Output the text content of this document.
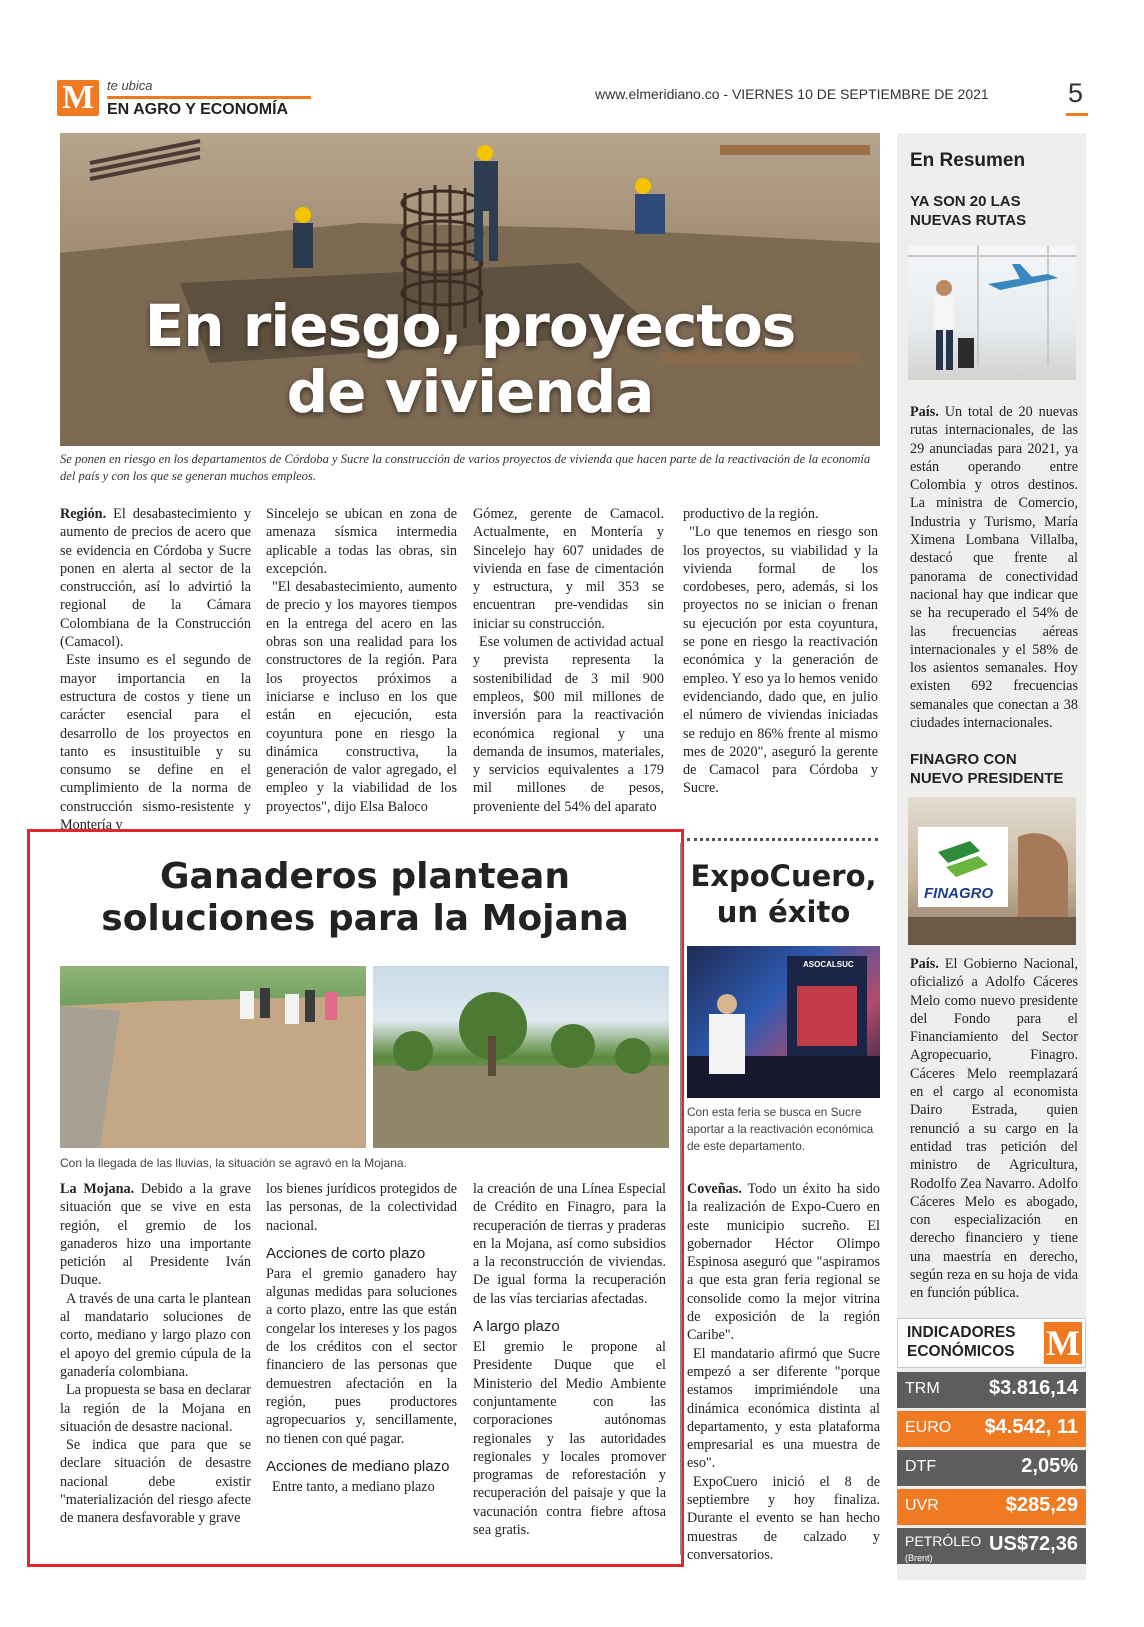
M te ubica
EN AGRO Y ECONOMÍA
www.elmeridiano.co - VIERNES 10 DE SEPTIEMBRE DE 2021	5
En riesgo, proyectos
de vivienda
Se ponen en riesgo en los departamentos de Córdoba y Sucre la construcción de varios proyectos de vivienda que hacen parte de la reactivación de la economía del país y con los que se generan muchos empleos.

Región. El desabastecimiento y aumento de precios de acero que se evidencia en Córdoba y Sucre ponen en alerta al sector de la construcción, así lo advirtió la regional de la Cámara Colombiana de la Construcción (Camacol).

Este insumo es el segundo de mayor importancia en la estructura de costos y tiene un carácter esencial para el desarrollo de los proyectos en tanto es insustituible y su consumo se define en el cumplimiento de la norma de construcción sismo-resistente y Montería y

Sincelejo se ubican en zona de amenaza sísmica intermedia aplicable a todas las obras, sin excepción.

"El desabastecimiento, aumento de precio y los mayores tiempos en la entrega del acero en las obras son una realidad para los constructores de la región. Para los proyectos próximos a iniciarse e incluso en los que están en ejecución, esta coyuntura pone en riesgo la dinámica constructiva, la generación de valor agregado, el empleo y la viabilidad de los proyectos", dijo Elsa Baloco

Gómez, gerente de Camacol. Actualmente, en Montería y Sincelejo hay 607 unidades de vivienda en fase de cimentación y estructura, y mil 353 se encuentran pre-vendidas sin iniciar su construcción.

Ese volumen de actividad actual y prevista representa la sostenibilidad de 3 mil 900 empleos, $00 mil millones de inversión para la reactivación económica regional y una demanda de insumos, materiales, y servicios equivalentes a 179 mil millones de pesos, proveniente del 54% del aparato

productivo de la región.

"Lo que tenemos en riesgo son los proyectos, su viabilidad y la vivienda formal de los cordobeses, pero, además, si los proyectos no se inician o frenan su ejecución por esta coyuntura, se pone en riesgo la reactivación económica y la generación de empleo. Y eso ya lo hemos venido evidenciando, dado que, en julio el número de viviendas iniciadas se redujo en 86% frente al mismo mes de 2020", aseguró la gerente de Camacol para Córdoba y Sucre.

Ganaderos plantean
soluciones para la Mojana
Con la llegada de las lluvias, la situación se agravó en la Mojana.

La Mojana. Debido a la grave situación que se vive en esta región, el gremio de los ganaderos hizo una importante petición al Presidente Iván Duque.

A través de una carta le plantean al mandatario soluciones de corto, mediano y largo plazo con el apoyo del gremio cúpula de la ganadería colombiana.

La propuesta se basa en declarar la región de la Mojana en situación de desastre nacional.

Se indica que para que se declare situación de desastre nacional debe existir "materialización del riesgo afecte de manera desfavorable y grave

los bienes jurídicos protegidos de las personas, de la colectividad nacional.

Acciones de corto plazo

Para el gremio ganadero hay algunas medidas para soluciones a corto plazo, entre las que están congelar los intereses y los pagos de los créditos con el sector financiero de las personas que demuestren afectación en la región, pues productores agropecuarios y, sencillamente, no tienen con qué pagar.

Acciones de mediano plazo

Entre tanto, a mediano plazo

la creación de una Línea Especial de Crédito en Finagro, para la recuperación de tierras y praderas en la Mojana, así como subsidios a la reconstrucción de viviendas. De igual forma la recuperación de las vías terciarias afectadas.

A largo plazo

El gremio le propone al Presidente Duque que el Ministerio del Medio Ambiente conjuntamente con las corporaciones autónomas regionales y las autoridades regionales y locales promover programas de reforestación y recuperación del paisaje y que la vacunación contra fiebre aftosa sea gratis.

ExpoCuero,
un éxito
ASOCALSUC
Con esta feria se busca en Sucre aportar a la reactivación económica de este departamento.

Coveñas. Todo un éxito ha sido la realización de Expo-Cuero en este municipio sucreño. El gobernador Héctor Olimpo Espinosa aseguró que "aspiramos a que esta gran feria regional se consolide como la mejor vitrina de exposición de la región Caribe".

El mandatario afirmó que Sucre empezó a ser diferente "porque estamos imprimiéndole una dinámica económica distinta al departamento, y esta plataforma empresarial es una muestra de eso".

ExpoCuero inició el 8 de septiembre y hoy finaliza. Durante el evento se han hecho muestras de calzado y conversatorios.

En Resumen
YA SON 20 LAS
NUEVAS RUTAS
País. Un total de 20 nuevas rutas internacionales, de las 29 anunciadas para 2021, ya están operando entre Colombia y otros destinos. La ministra de Comercio, Industria y Turismo, María Ximena Lombana Villalba, destacó que frente al panorama de conectividad nacional hay que indicar que se ha recuperado el 54% de las frecuencias aéreas internacionales y el 58% de los asientos semanales. Hoy existen 692 frecuencias semanales que conectan a 38 ciudades internacionales.
FINAGRO CON
NUEVO PRESIDENTE
FINAGRO
País. El Gobierno Nacional, oficializó a Adolfo Cáceres Melo como nuevo presidente del Fondo para el Financiamiento del Sector Agropecuario, Finagro. Cáceres Melo reemplazará en el cargo al economista Dairo Estrada, quien renunció a su cargo en la entidad tras petición del ministro de Agricultura, Rodolfo Zea Navarro. Adolfo Cáceres Melo es abogado, con especialización en derecho financiero y tiene una maestría en derecho, según reza en su hoja de vida en función pública.
INDICADORES
ECONÓMICOS M
TRM $3.816,14
EURO $4.542, 11
DTF	2,05%
UVR	$285,29
PETRÓLEO
(Brent)
US$72,36
